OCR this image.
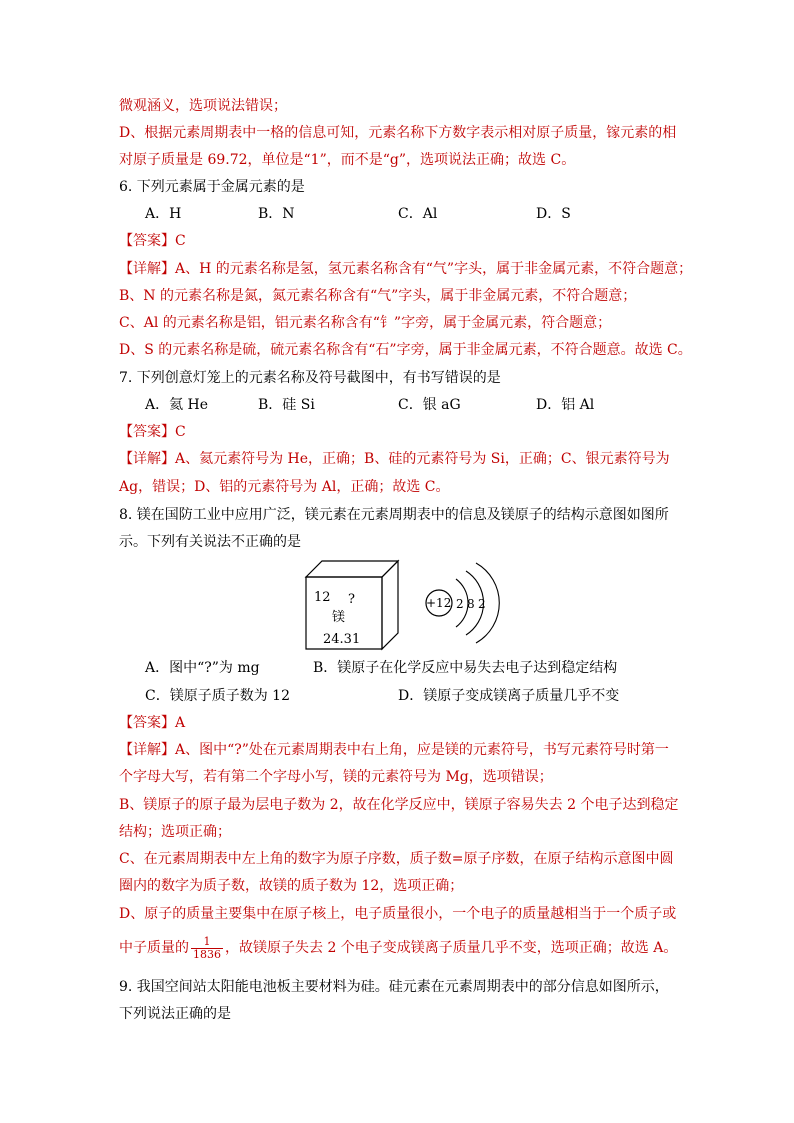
微观涵义，选项说法错误；
D、根据元素周期表中一格的信息可知，元素名称下方数字表示相对原子质量，镓元素的相
对原子质量是 69.72，单位是“1”，而不是“g”，选项说法正确；故选 C。
6. 下列元素属于金属元素的是
A．H	B．N	C．Al	D．S
【答案】C
【详解】A、H 的元素名称是氢，氢元素名称含有“气”字头，属于非金属元素，不符合题意；
B、N 的元素名称是氮，氮元素名称含有“气”字头，属于非金属元素，不符合题意；
C、Al 的元素名称是铝，铝元素名称含有“钅”字旁，属于金属元素，符合题意；
D、S 的元素名称是硫，硫元素名称含有“石”字旁，属于非金属元素，不符合题意。故选 C。
7. 下列创意灯笼上的元素名称及符号截图中，有书写错误的是
A．氦 He	B．硅 Si	C．银 aG	D．铝 Al
【答案】C
【详解】A、氦元素符号为 He，正确；B、硅的元素符号为 Si，正确；C、银元素符号为
Ag，错误；D、铝的元素符号为 Al，正确；故选 C。
8. 镁在国防工业中应用广泛，镁元素在元素周期表中的信息及镁原子的结构示意图如图所
示。下列有关说法不正确的是
12 ?
镁
24.31
+12 2 8 2
A．图中“?”为 mg	B．镁原子在化学反应中易失去电子达到稳定结构
C．镁原子质子数为 12	D．镁原子变成镁离子质量几乎不变
【答案】A
【详解】A、图中“?”处在元素周期表中右上角，应是镁的元素符号，书写元素符号时第一
个字母大写，若有第二个字母小写，镁的元素符号为 Mg，选项错误；
B、镁原子的原子最为层电子数为 2，故在化学反应中，镁原子容易失去 2 个电子达到稳定
结构；选项正确；
C、在元素周期表中左上角的数字为原子序数，质子数=原子序数，在原子结构示意图中圆
圈内的数字为质子数，故镁的质子数为 12，选项正确；
D、原子的质量主要集中在原子核上，电子质量很小，一个电子的质量越相当于一个质子或
中子质量的 $\frac{1}{1836}$ ，故镁原子失去 2 个电子变成镁离子质量几乎不变，选项正确；故选 A。
9. 我国空间站太阳能电池板主要材料为硅。硅元素在元素周期表中的部分信息如图所示，
下列说法正确的是
